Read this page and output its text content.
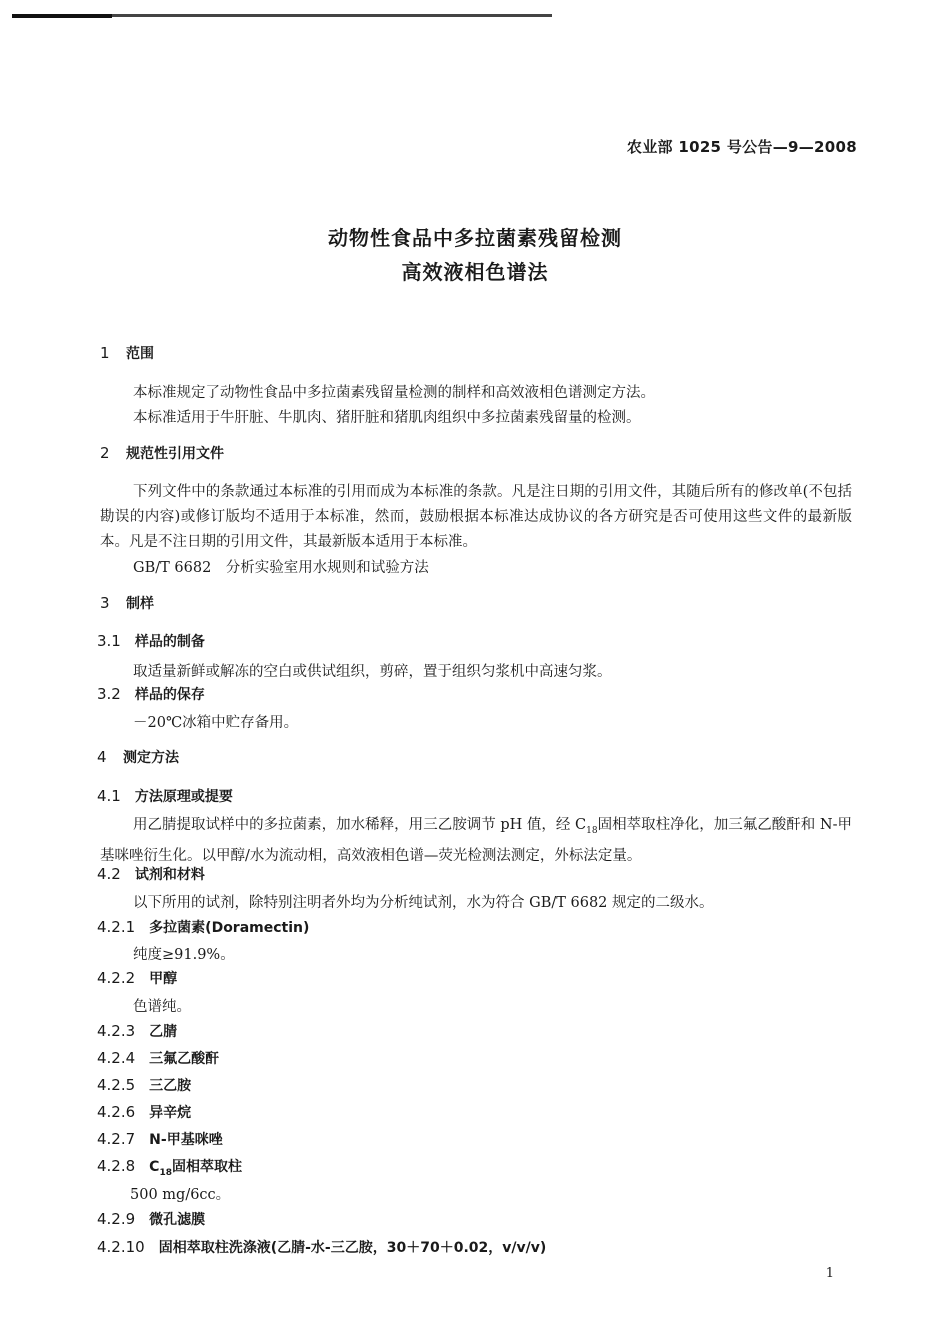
农业部 1025 号公告—9—2008
动物性食品中多拉菌素残留检测
高效液相色谱法
1 范围
本标准规定了动物性食品中多拉菌素残留量检测的制样和高效液相色谱测定方法。
本标准适用于牛肝脏、牛肌肉、猪肝脏和猪肌肉组织中多拉菌素残留量的检测。
2 规范性引用文件
下列文件中的条款通过本标准的引用而成为本标准的条款。凡是注日期的引用文件，其随后所有的修改单(不包括勘误的内容)或修订版均不适用于本标准，然而，鼓励根据本标准达成协议的各方研究是否可使用这些文件的最新版本。凡是不注日期的引用文件，其最新版本适用于本标准。
GB/T 6682　分析实验室用水规则和试验方法
3 制样
3.1 样品的制备
取适量新鲜或解冻的空白或供试组织，剪碎，置于组织匀浆机中高速匀浆。
3.2 样品的保存
－20℃冰箱中贮存备用。
4 测定方法
4.1 方法原理或提要
用乙腈提取试样中的多拉菌素，加水稀释，用三乙胺调节 pH 值，经 $C_{18}$固相萃取柱净化，加三氟乙酸酐和 N-甲基咪唑衍生化。以甲醇/水为流动相，高效液相色谱—荧光检测法测定，外标法定量。
4.2 试剂和材料
以下所用的试剂，除特别注明者外均为分析纯试剂，水为符合 GB/T 6682 规定的二级水。
4.2.1 多拉菌素(Doramectin)
纯度≥91.9%。
4.2.2 甲醇
色谱纯。
4.2.3 乙腈
4.2.4 三氟乙酸酐
4.2.5 三乙胺
4.2.6 异辛烷
4.2.7 N-甲基咪唑
4.2.8 $C_{18}$固相萃取柱
500 mg/6cc。
4.2.9 微孔滤膜
4.2.10 固相萃取柱洗涤液(乙腈-水-三乙胺，30＋70＋0.02，v/v/v)
1
